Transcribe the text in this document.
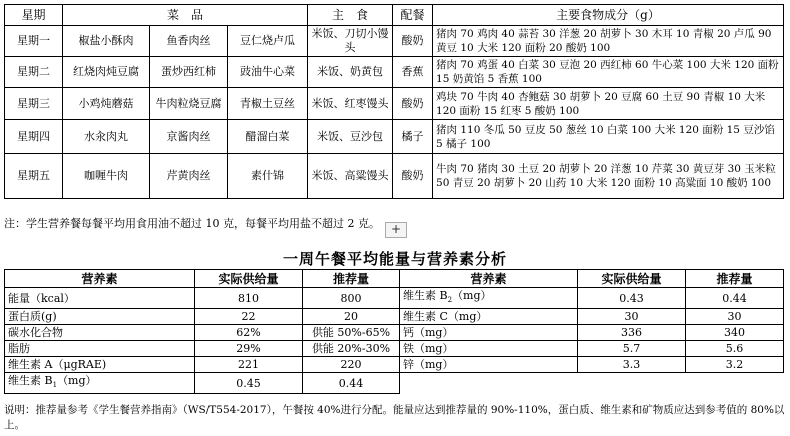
星期	菜　品			主　食	配餐	主要食物成分（g）
星期一	椒盐小酥肉	鱼香肉丝	豆仁烧卢瓜	米饭、刀切小馒头	酸奶	猪肉 70 鸡肉 40 蒜苔 30 洋葱 20 胡萝卜 30 木耳 10 青椒 20 卢瓜 90 黄豆 10 大米 120 面粉 20 酸奶 100
星期二	红烧肉炖豆腐	蛋炒西红柿	豉油牛心菜	米饭、奶黄包	香蕉	猪肉 70 鸡蛋 40 白菜 30 豆泡 20 西红柿 60 牛心菜 100 大米 120 面粉 15 奶黄馅 5 香蕉 100
星期三	小鸡炖蘑菇	牛肉粒烧豆腐	青椒土豆丝	米饭、红枣馒头	酸奶	鸡块 70 牛肉 40 杏鲍菇 30 胡萝卜 20 豆腐 60 土豆 90 青椒 10 大米 120 面粉 15 红枣 5 酸奶 100
星期四	水汆肉丸	京酱肉丝	醋溜白菜	米饭、豆沙包	橘子	猪肉 110 冬瓜 50 豆皮 50 葱丝 10 白菜 100 大米 120 面粉 15 豆沙馅 5 橘子 100
星期五	咖喱牛肉	芹黄肉丝	素什锦	米饭、高粱馒头	酸奶	牛肉 70 猪肉 30 土豆 20 胡萝卜 20 洋葱 10 芹菜 30 黄豆芽 30 玉米粒 50 青豆 20 胡萝卜 20 山药 10 大米 120 面粉 10 高粱面 10 酸奶 100
注：学生营养餐每餐平均用食用油不超过 10 克，每餐平均用盐不超过 2 克。 +
一周午餐平均能量与营养素分析
营养素	实际供给量	推荐量	营养素	实际供给量	推荐量
能量（kcal）	810	800	维生素 $B_2(mg)$	0.43	0.44
蛋白质(g)	22	20	维生素 C（mg）	30	30
碳水化合物	62%	供能 50%-65%	钙（mg）	336	340
脂肪	29%	供能 20%-30%	铁（mg）	5.7	5.6
维生素 A（μgRAE)	221	220	锌（mg）	3.3	3.2
维生素 $B_1(mg)$	0.45	0.44			
说明：推荐量参考《学生餐营养指南》（WS/T554-2017），午餐按 40%进行分配。能量应达到推荐量的 90%-110%，蛋白质、维生素和矿物质应达到参考值的 80%以上。
